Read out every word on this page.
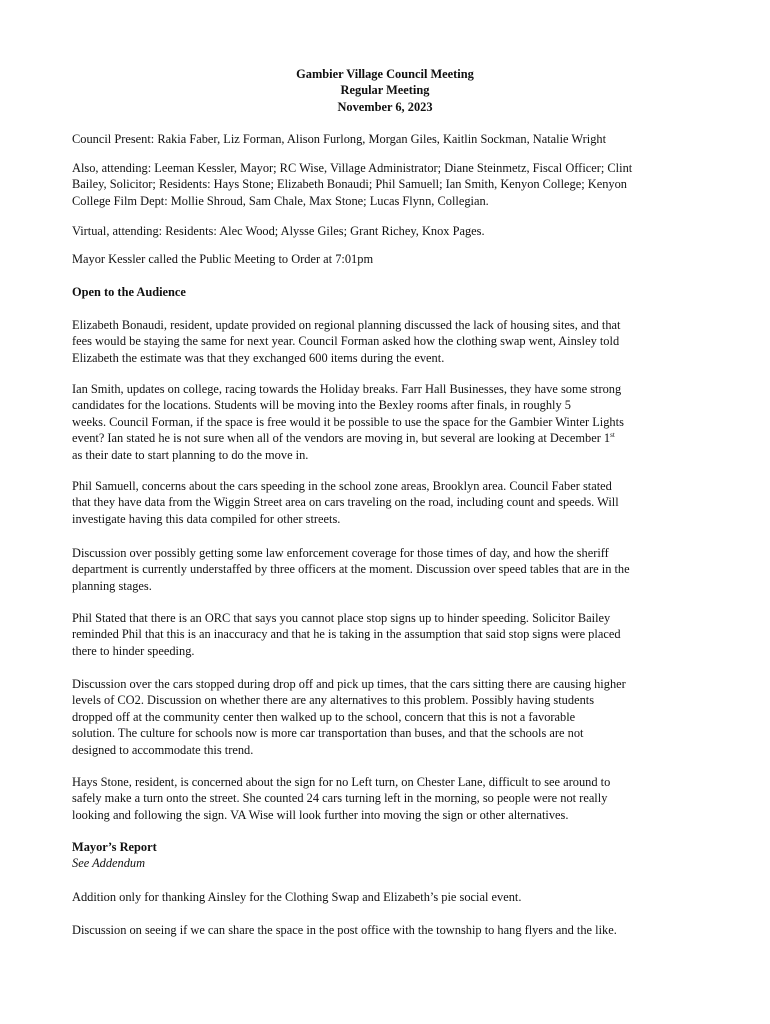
Gambier Village Council Meeting
Regular Meeting
November 6, 2023

Council Present: Rakia Faber, Liz Forman, Alison Furlong, Morgan Giles, Kaitlin Sockman, Natalie Wright

Also, attending: Leeman Kessler, Mayor; RC Wise, Village Administrator; Diane Steinmetz, Fiscal Officer; Clint
Bailey, Solicitor; Residents: Hays Stone; Elizabeth Bonaudi; Phil Samuell; Ian Smith, Kenyon College; Kenyon
College Film Dept: Mollie Shroud, Sam Chale, Max Stone; Lucas Flynn, Collegian.

Virtual, attending: Residents: Alec Wood; Alysse Giles; Grant Richey, Knox Pages.

Mayor Kessler called the Public Meeting to Order at 7:01pm

Open to the Audience

Elizabeth Bonaudi, resident, update provided on regional planning discussed the lack of housing sites, and that
fees would be staying the same for next year. Council Forman asked how the clothing swap went, Ainsley told
Elizabeth the estimate was that they exchanged 600 items during the event.

Ian Smith, updates on college, racing towards the Holiday breaks. Farr Hall Businesses, they have some strong
candidates for the locations. Students will be moving into the Bexley rooms after finals, in roughly 5
weeks. Council Forman, if the space is free would it be possible to use the space for the Gambier Winter Lights
event? Ian stated he is not sure when all of the vendors are moving in, but several are looking at December 1st
as their date to start planning to do the move in.

Phil Samuell, concerns about the cars speeding in the school zone areas, Brooklyn area. Council Faber stated
that they have data from the Wiggin Street area on cars traveling on the road, including count and speeds. Will
investigate having this data compiled for other streets.

Discussion over possibly getting some law enforcement coverage for those times of day, and how the sheriff
department is currently understaffed by three officers at the moment. Discussion over speed tables that are in the
planning stages.

Phil Stated that there is an ORC that says you cannot place stop signs up to hinder speeding. Solicitor Bailey
reminded Phil that this is an inaccuracy and that he is taking in the assumption that said stop signs were placed
there to hinder speeding.

Discussion over the cars stopped during drop off and pick up times, that the cars sitting there are causing higher
levels of CO2. Discussion on whether there are any alternatives to this problem. Possibly having students
dropped off at the community center then walked up to the school, concern that this is not a favorable
solution. The culture for schools now is more car transportation than buses, and that the schools are not
designed to accommodate this trend.

Hays Stone, resident, is concerned about the sign for no Left turn, on Chester Lane, difficult to see around to
safely make a turn onto the street. She counted 24 cars turning left in the morning, so people were not really
looking and following the sign. VA Wise will look further into moving the sign or other alternatives.

Mayor’s Report
See Addendum

Addition only for thanking Ainsley for the Clothing Swap and Elizabeth’s pie social event.

Discussion on seeing if we can share the space in the post office with the township to hang flyers and the like.
